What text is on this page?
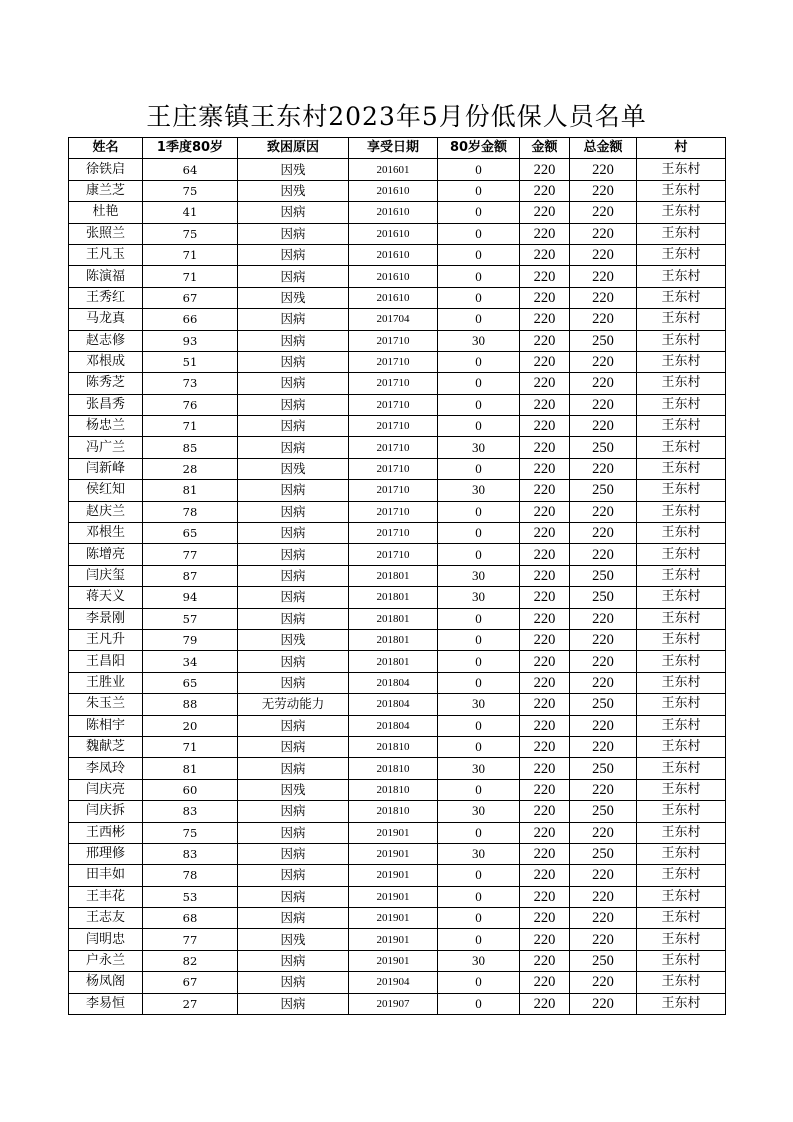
王庄寨镇王东村2023年5月份低保人员名单
姓名	1季度80岁	致困原因	享受日期	80岁金额	金额	总金额	村
徐铁启	64	因残	201601	0	220	220	王东村
康兰芝	75	因残	201610	0	220	220	王东村
杜艳	41	因病	201610	0	220	220	王东村
张照兰	75	因病	201610	0	220	220	王东村
王凡玉	71	因病	201610	0	220	220	王东村
陈演福	71	因病	201610	0	220	220	王东村
王秀红	67	因残	201610	0	220	220	王东村
马龙真	66	因病	201704	0	220	220	王东村
赵志修	93	因病	201710	30	220	250	王东村
邓根成	51	因病	201710	0	220	220	王东村
陈秀芝	73	因病	201710	0	220	220	王东村
张昌秀	76	因病	201710	0	220	220	王东村
杨忠兰	71	因病	201710	0	220	220	王东村
冯广兰	85	因病	201710	30	220	250	王东村
闫新峰	28	因残	201710	0	220	220	王东村
侯红知	81	因病	201710	30	220	250	王东村
赵庆兰	78	因病	201710	0	220	220	王东村
邓根生	65	因病	201710	0	220	220	王东村
陈增亮	77	因病	201710	0	220	220	王东村
闫庆玺	87	因病	201801	30	220	250	王东村
蒋天义	94	因病	201801	30	220	250	王东村
李景刚	57	因病	201801	0	220	220	王东村
王凡升	79	因残	201801	0	220	220	王东村
王昌阳	34	因病	201801	0	220	220	王东村
王胜业	65	因病	201804	0	220	220	王东村
朱玉兰	88	无劳动能力	201804	30	220	250	王东村
陈相宇	20	因病	201804	0	220	220	王东村
魏献芝	71	因病	201810	0	220	220	王东村
李凤玲	81	因病	201810	30	220	250	王东村
闫庆亮	60	因残	201810	0	220	220	王东村
闫庆拆	83	因病	201810	30	220	250	王东村
王西彬	75	因病	201901	0	220	220	王东村
邢理修	83	因病	201901	30	220	250	王东村
田丰如	78	因病	201901	0	220	220	王东村
王丰花	53	因病	201901	0	220	220	王东村
王志友	68	因病	201901	0	220	220	王东村
闫明忠	77	因残	201901	0	220	220	王东村
户永兰	82	因病	201901	30	220	250	王东村
杨凤阁	67	因病	201904	0	220	220	王东村
李易恒	27	因病	201907	0	220	220	王东村
